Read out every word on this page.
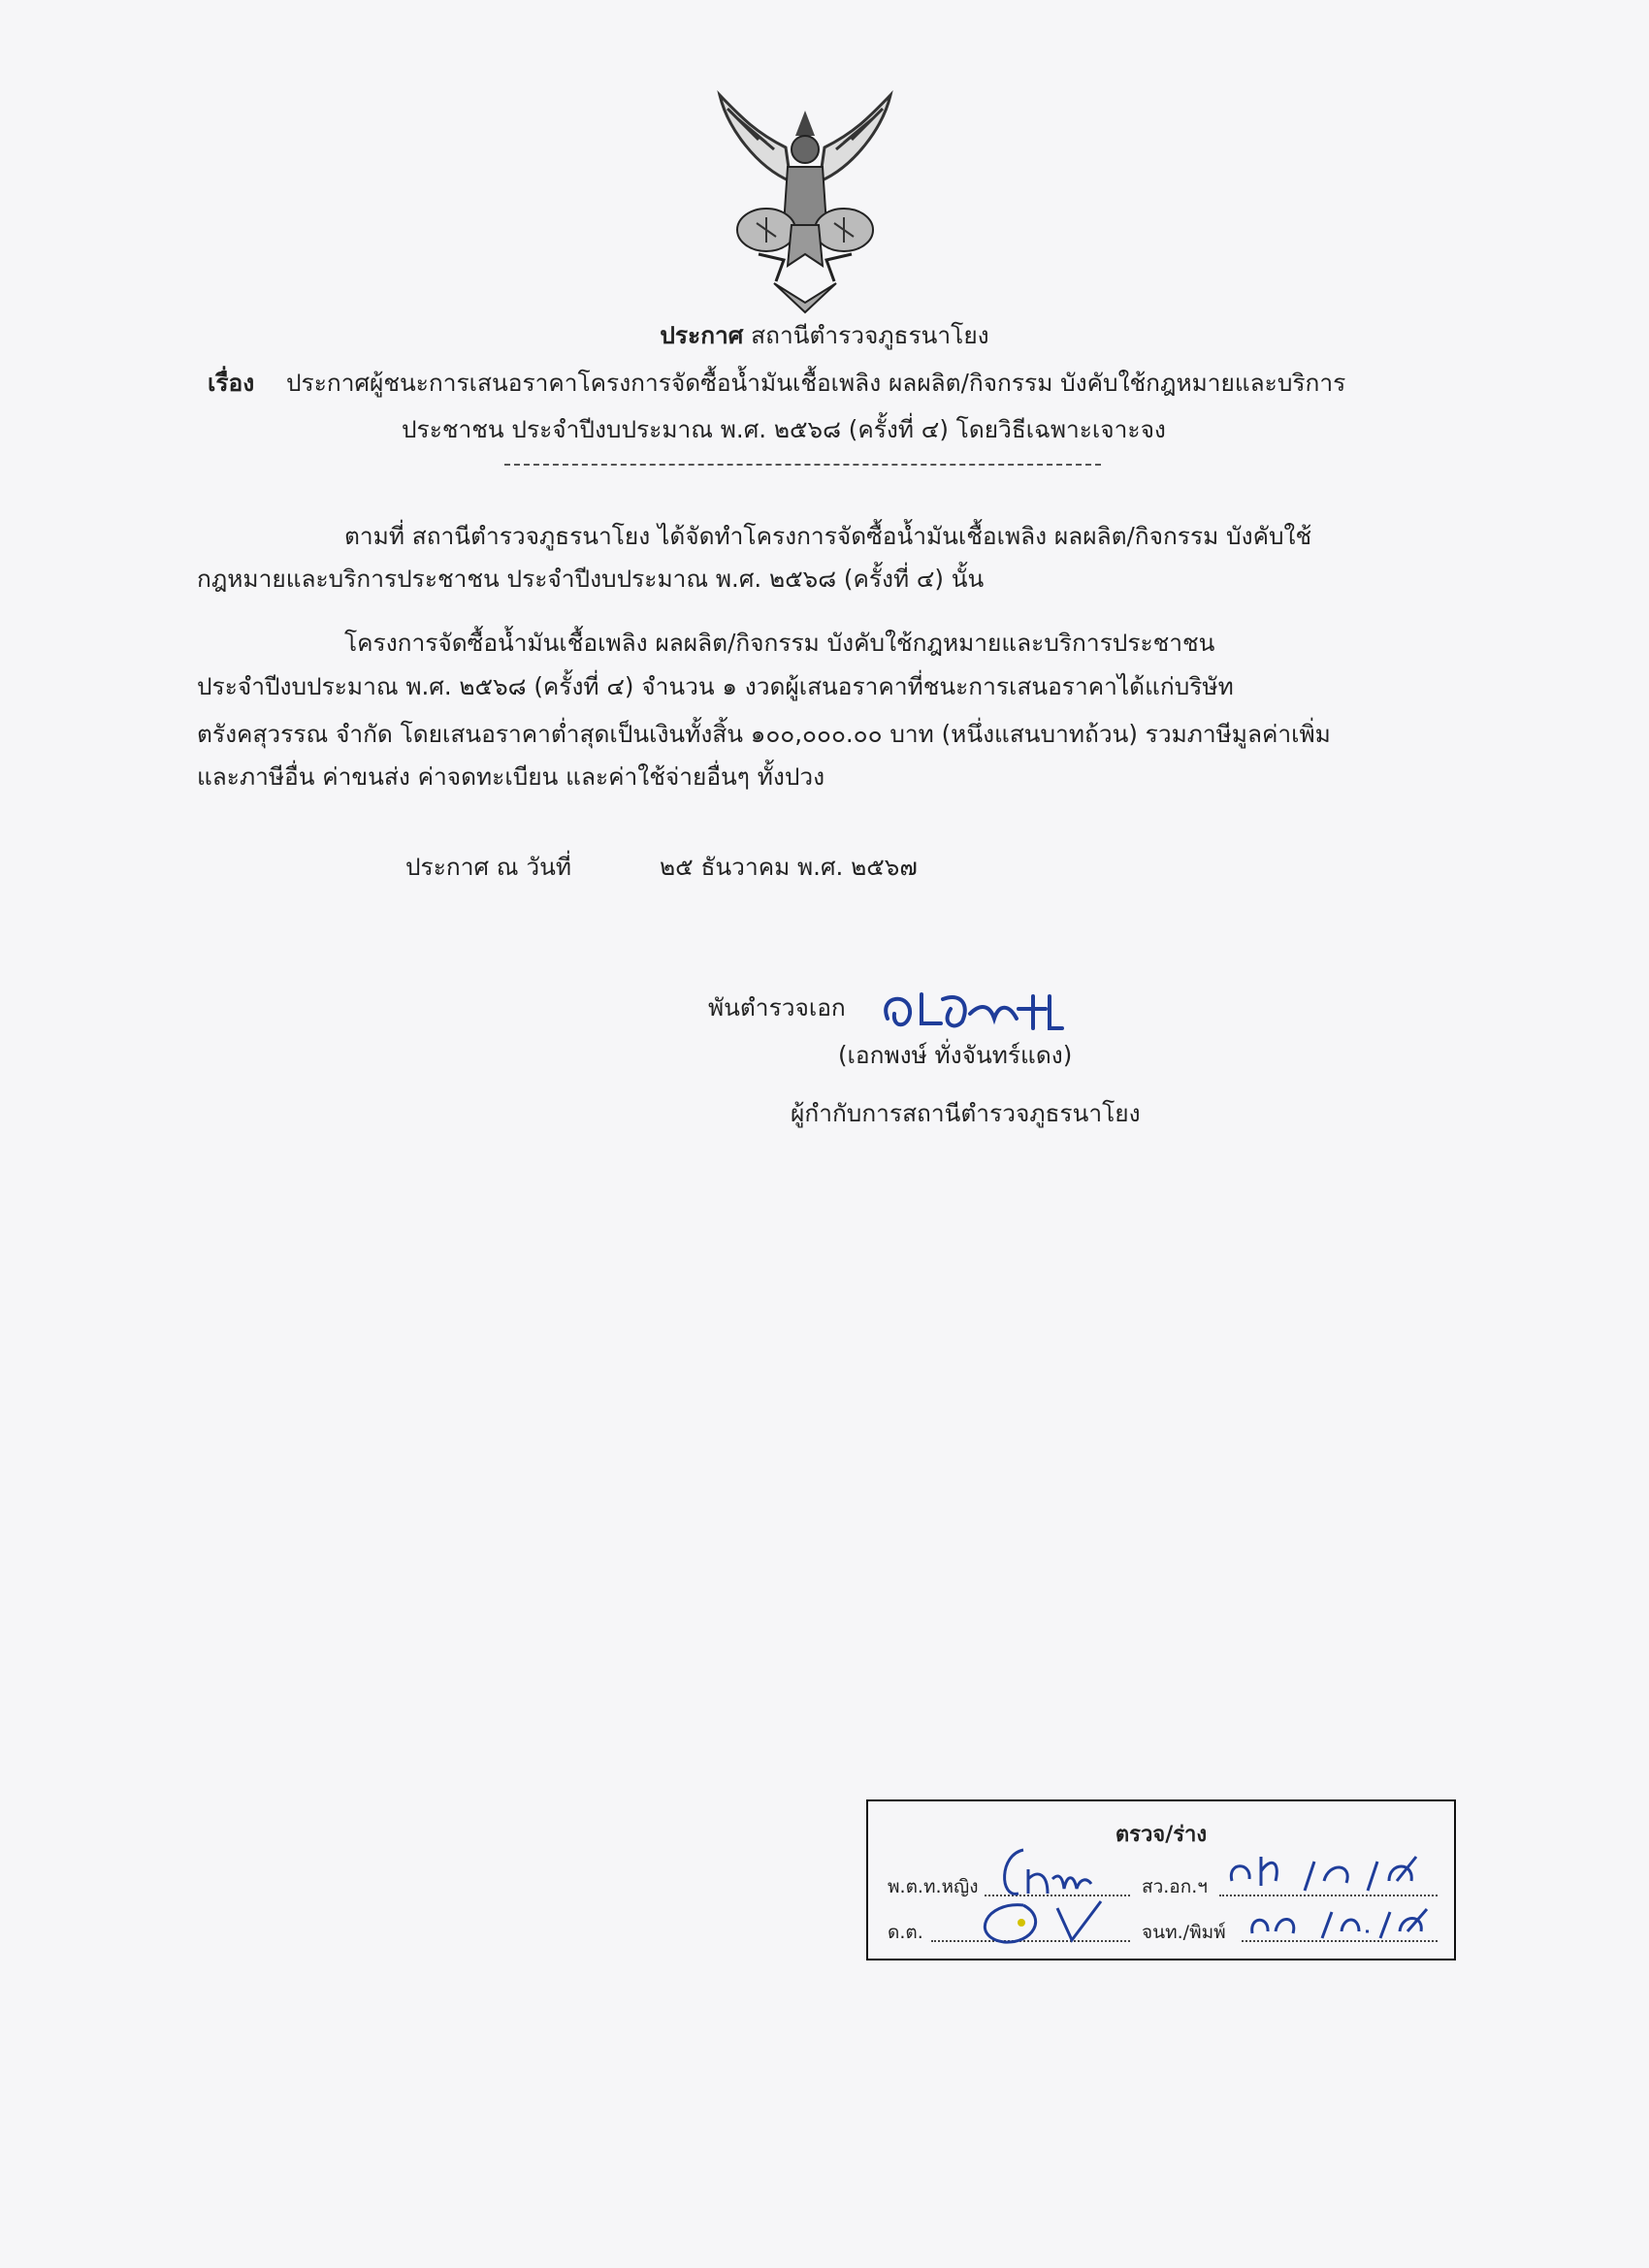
ประกาศ สถานีตำรวจภูธรนาโยง
เรื่อง ประกาศผู้ชนะการเสนอราคาโครงการจัดซื้อน้ำมันเชื้อเพลิง ผลผลิต/กิจกรรม บังคับใช้กฎหมายและบริการ
ประชาชน ประจำปีงบประมาณ พ.ศ. ๒๕๖๘ (ครั้งที่ ๔) โดยวิธีเฉพาะเจาะจง
ตามที่ สถานีตำรวจภูธรนาโยง ได้จัดทำโครงการจัดซื้อน้ำมันเชื้อเพลิง ผลผลิต/กิจกรรม บังคับใช้
กฎหมายและบริการประชาชน ประจำปีงบประมาณ พ.ศ. ๒๕๖๘ (ครั้งที่ ๔) นั้น
โครงการจัดซื้อน้ำมันเชื้อเพลิง ผลผลิต/กิจกรรม บังคับใช้กฎหมายและบริการประชาชน
ประจำปีงบประมาณ พ.ศ. ๒๕๖๘ (ครั้งที่ ๔) จำนวน ๑ งวดผู้เสนอราคาที่ชนะการเสนอราคาได้แก่บริษัท
ตรังคสุวรรณ จำกัด โดยเสนอราคาต่ำสุดเป็นเงินทั้งสิ้น ๑๐๐,๐๐๐.๐๐ บาท (หนึ่งแสนบาทถ้วน) รวมภาษีมูลค่าเพิ่ม
และภาษีอื่น ค่าขนส่ง ค่าจดทะเบียน และค่าใช้จ่ายอื่นๆ ทั้งปวง
ประกาศ ณ วันที่	๒๕ ธันวาคม พ.ศ. ๒๕๖๗
พันตำรวจเอก
(เอกพงษ์ ทั่งจันทร์แดง)
ผู้กำกับการสถานีตำรวจภูธรนาโยง
ตรวจ/ร่าง
พ.ต.ท.หญิง	สว.อก.ฯ
ด.ต.	จนท./พิมพ์
